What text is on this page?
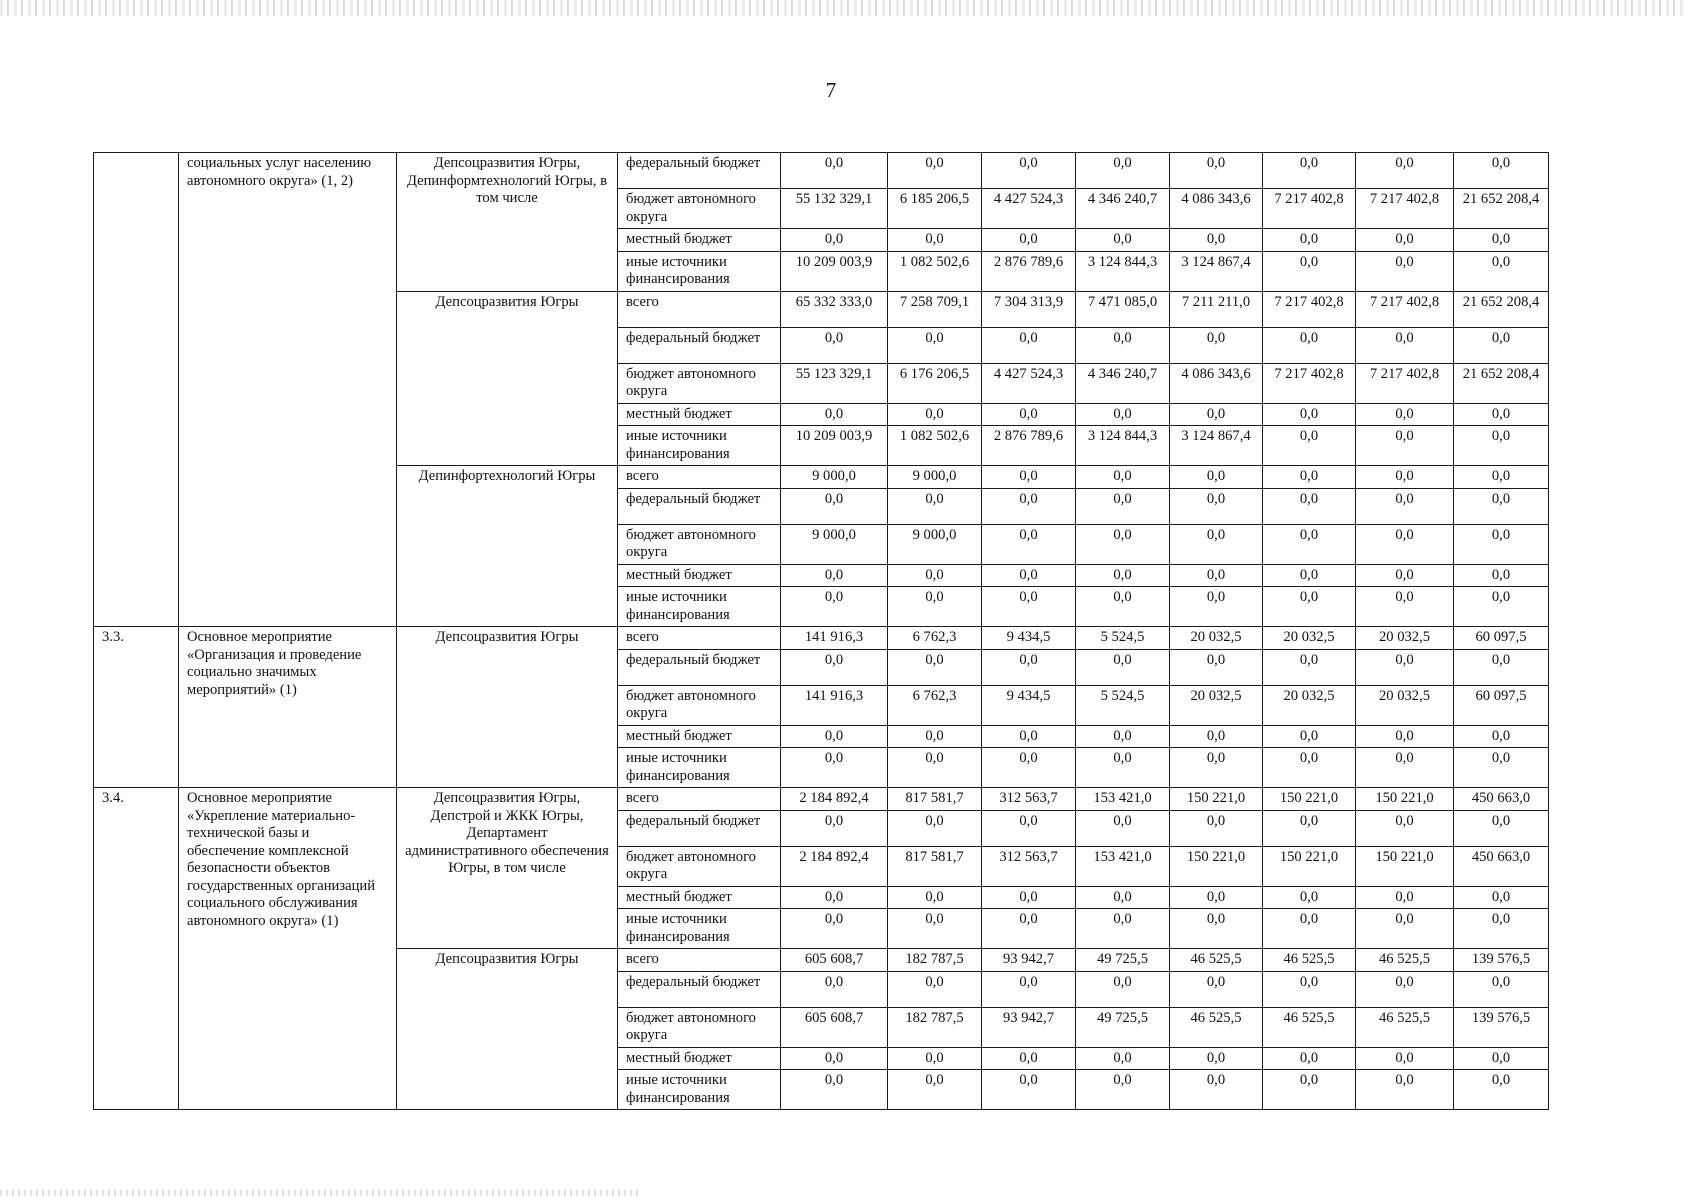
7
	социальных услуг населению автономного округа» (1, 2)	Депсоцразвития Югры, Депинформтехнологий Югры, в том числе	федеральный бюджет	0,0	0,0	0,0	0,0	0,0	0,0	0,0	0,0
			бюджет автономного округа	55 132 329,1	6 185 206,5	4 427 524,3	4 346 240,7	4 086 343,6	7 217 402,8	7 217 402,8	21 652 208,4
			местный бюджет	0,0	0,0	0,0	0,0	0,0	0,0	0,0	0,0
			иные источники финансирования	10 209 003,9	1 082 502,6	2 876 789,6	3 124 844,3	3 124 867,4	0,0	0,0	0,0
		Депсоцразвития Югры	всего	65 332 333,0	7 258 709,1	7 304 313,9	7 471 085,0	7 211 211,0	7 217 402,8	7 217 402,8	21 652 208,4
			федеральный бюджет	0,0	0,0	0,0	0,0	0,0	0,0	0,0	0,0
			бюджет автономного округа	55 123 329,1	6 176 206,5	4 427 524,3	4 346 240,7	4 086 343,6	7 217 402,8	7 217 402,8	21 652 208,4
			местный бюджет	0,0	0,0	0,0	0,0	0,0	0,0	0,0	0,0
			иные источники финансирования	10 209 003,9	1 082 502,6	2 876 789,6	3 124 844,3	3 124 867,4	0,0	0,0	0,0
		Депинфортехнологий Югры	всего	9 000,0	9 000,0	0,0	0,0	0,0	0,0	0,0	0,0
			федеральный бюджет	0,0	0,0	0,0	0,0	0,0	0,0	0,0	0,0
			бюджет автономного округа	9 000,0	9 000,0	0,0	0,0	0,0	0,0	0,0	0,0
			местный бюджет	0,0	0,0	0,0	0,0	0,0	0,0	0,0	0,0
			иные источники финансирования	0,0	0,0	0,0	0,0	0,0	0,0	0,0	0,0
3.3.	Основное мероприятие «Организация и проведение социально значимых мероприятий» (1)	Депсоцразвития Югры	всего	141 916,3	6 762,3	9 434,5	5 524,5	20 032,5	20 032,5	20 032,5	60 097,5
			федеральный бюджет	0,0	0,0	0,0	0,0	0,0	0,0	0,0	0,0
			бюджет автономного округа	141 916,3	6 762,3	9 434,5	5 524,5	20 032,5	20 032,5	20 032,5	60 097,5
			местный бюджет	0,0	0,0	0,0	0,0	0,0	0,0	0,0	0,0
			иные источники финансирования	0,0	0,0	0,0	0,0	0,0	0,0	0,0	0,0
3.4.	Основное мероприятие «Укрепление материально-технической базы и обеспечение комплексной безопасности объектов государственных организаций социального обслуживания автономного округа» (1)	Депсоцразвития Югры, Депстрой и ЖКК Югры, Департамент административного обеспечения Югры, в том числе	всего	2 184 892,4	817 581,7	312 563,7	153 421,0	150 221,0	150 221,0	150 221,0	450 663,0
			федеральный бюджет	0,0	0,0	0,0	0,0	0,0	0,0	0,0	0,0
			бюджет автономного округа	2 184 892,4	817 581,7	312 563,7	153 421,0	150 221,0	150 221,0	150 221,0	450 663,0
			местный бюджет	0,0	0,0	0,0	0,0	0,0	0,0	0,0	0,0
			иные источники финансирования	0,0	0,0	0,0	0,0	0,0	0,0	0,0	0,0
		Депсоцразвития Югры	всего	605 608,7	182 787,5	93 942,7	49 725,5	46 525,5	46 525,5	46 525,5	139 576,5
			федеральный бюджет	0,0	0,0	0,0	0,0	0,0	0,0	0,0	0,0
			бюджет автономного округа	605 608,7	182 787,5	93 942,7	49 725,5	46 525,5	46 525,5	46 525,5	139 576,5
			местный бюджет	0,0	0,0	0,0	0,0	0,0	0,0	0,0	0,0
			иные источники финансирования	0,0	0,0	0,0	0,0	0,0	0,0	0,0	0,0
